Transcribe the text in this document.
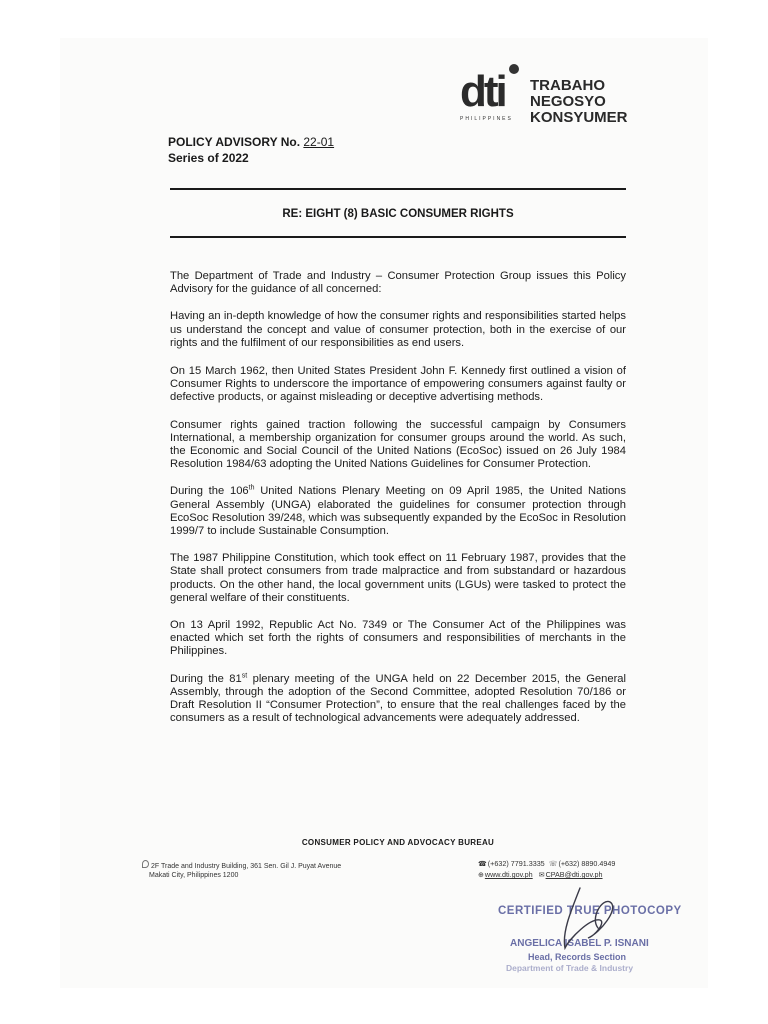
dti
PHILIPPINES
TRABAHO
NEGOSYO
KONSYUMER
POLICY ADVISORY No. 22-01
Series of 2022
RE: EIGHT (8) BASIC CONSUMER RIGHTS

The Department of Trade and Industry – Consumer Protection Group issues this Policy Advisory for the guidance of all concerned:

Having an in-depth knowledge of how the consumer rights and responsibilities started helps us understand the concept and value of consumer protection, both in the exercise of our rights and the fulfilment of our responsibilities as end users.

On 15 March 1962, then United States President John F. Kennedy first outlined a vision of Consumer Rights to underscore the importance of empowering consumers against faulty or defective products, or against misleading or deceptive advertising methods.

Consumer rights gained traction following the successful campaign by Consumers International, a membership organization for consumer groups around the world. As such, the Economic and Social Council of the United Nations (EcoSoc) issued on 26 July 1984 Resolution 1984/63 adopting the United Nations Guidelines for Consumer Protection.

During the 106th United Nations Plenary Meeting on 09 April 1985, the United Nations General Assembly (UNGA) elaborated the guidelines for consumer protection through EcoSoc Resolution 39/248, which was subsequently expanded by the EcoSoc in Resolution 1999/7 to include Sustainable Consumption.

The 1987 Philippine Constitution, which took effect on 11 February 1987, provides that the State shall protect consumers from trade malpractice and from substandard or hazardous products. On the other hand, the local government units (LGUs) were tasked to protect the general welfare of their constituents.

On 13 April 1992, Republic Act No. 7349 or The Consumer Act of the Philippines was enacted which set forth the rights of consumers and responsibilities of merchants in the Philippines.

During the 81st plenary meeting of the UNGA held on 22 December 2015, the General Assembly, through the adoption of the Second Committee, adopted Resolution 70/186 or Draft Resolution II “Consumer Protection”, to ensure that the real challenges faced by the consumers as a result of technological advancements were adequately addressed.

CONSUMER POLICY AND ADVOCACY BUREAU
2F Trade and Industry Building, 361 Sen. Gil J. Puyat Avenue
Makati City, Philippines 1200
☎(+632) 7791.3335 ☏(+632) 8890.4949
⊕www.dti.gov.ph ✉CPAB@dti.gov.ph
CERTIFIED TRUE PHOTOCOPY
ANGELICA ISABEL P. ISNANI
Head, Records Section
Department of Trade & Industry
